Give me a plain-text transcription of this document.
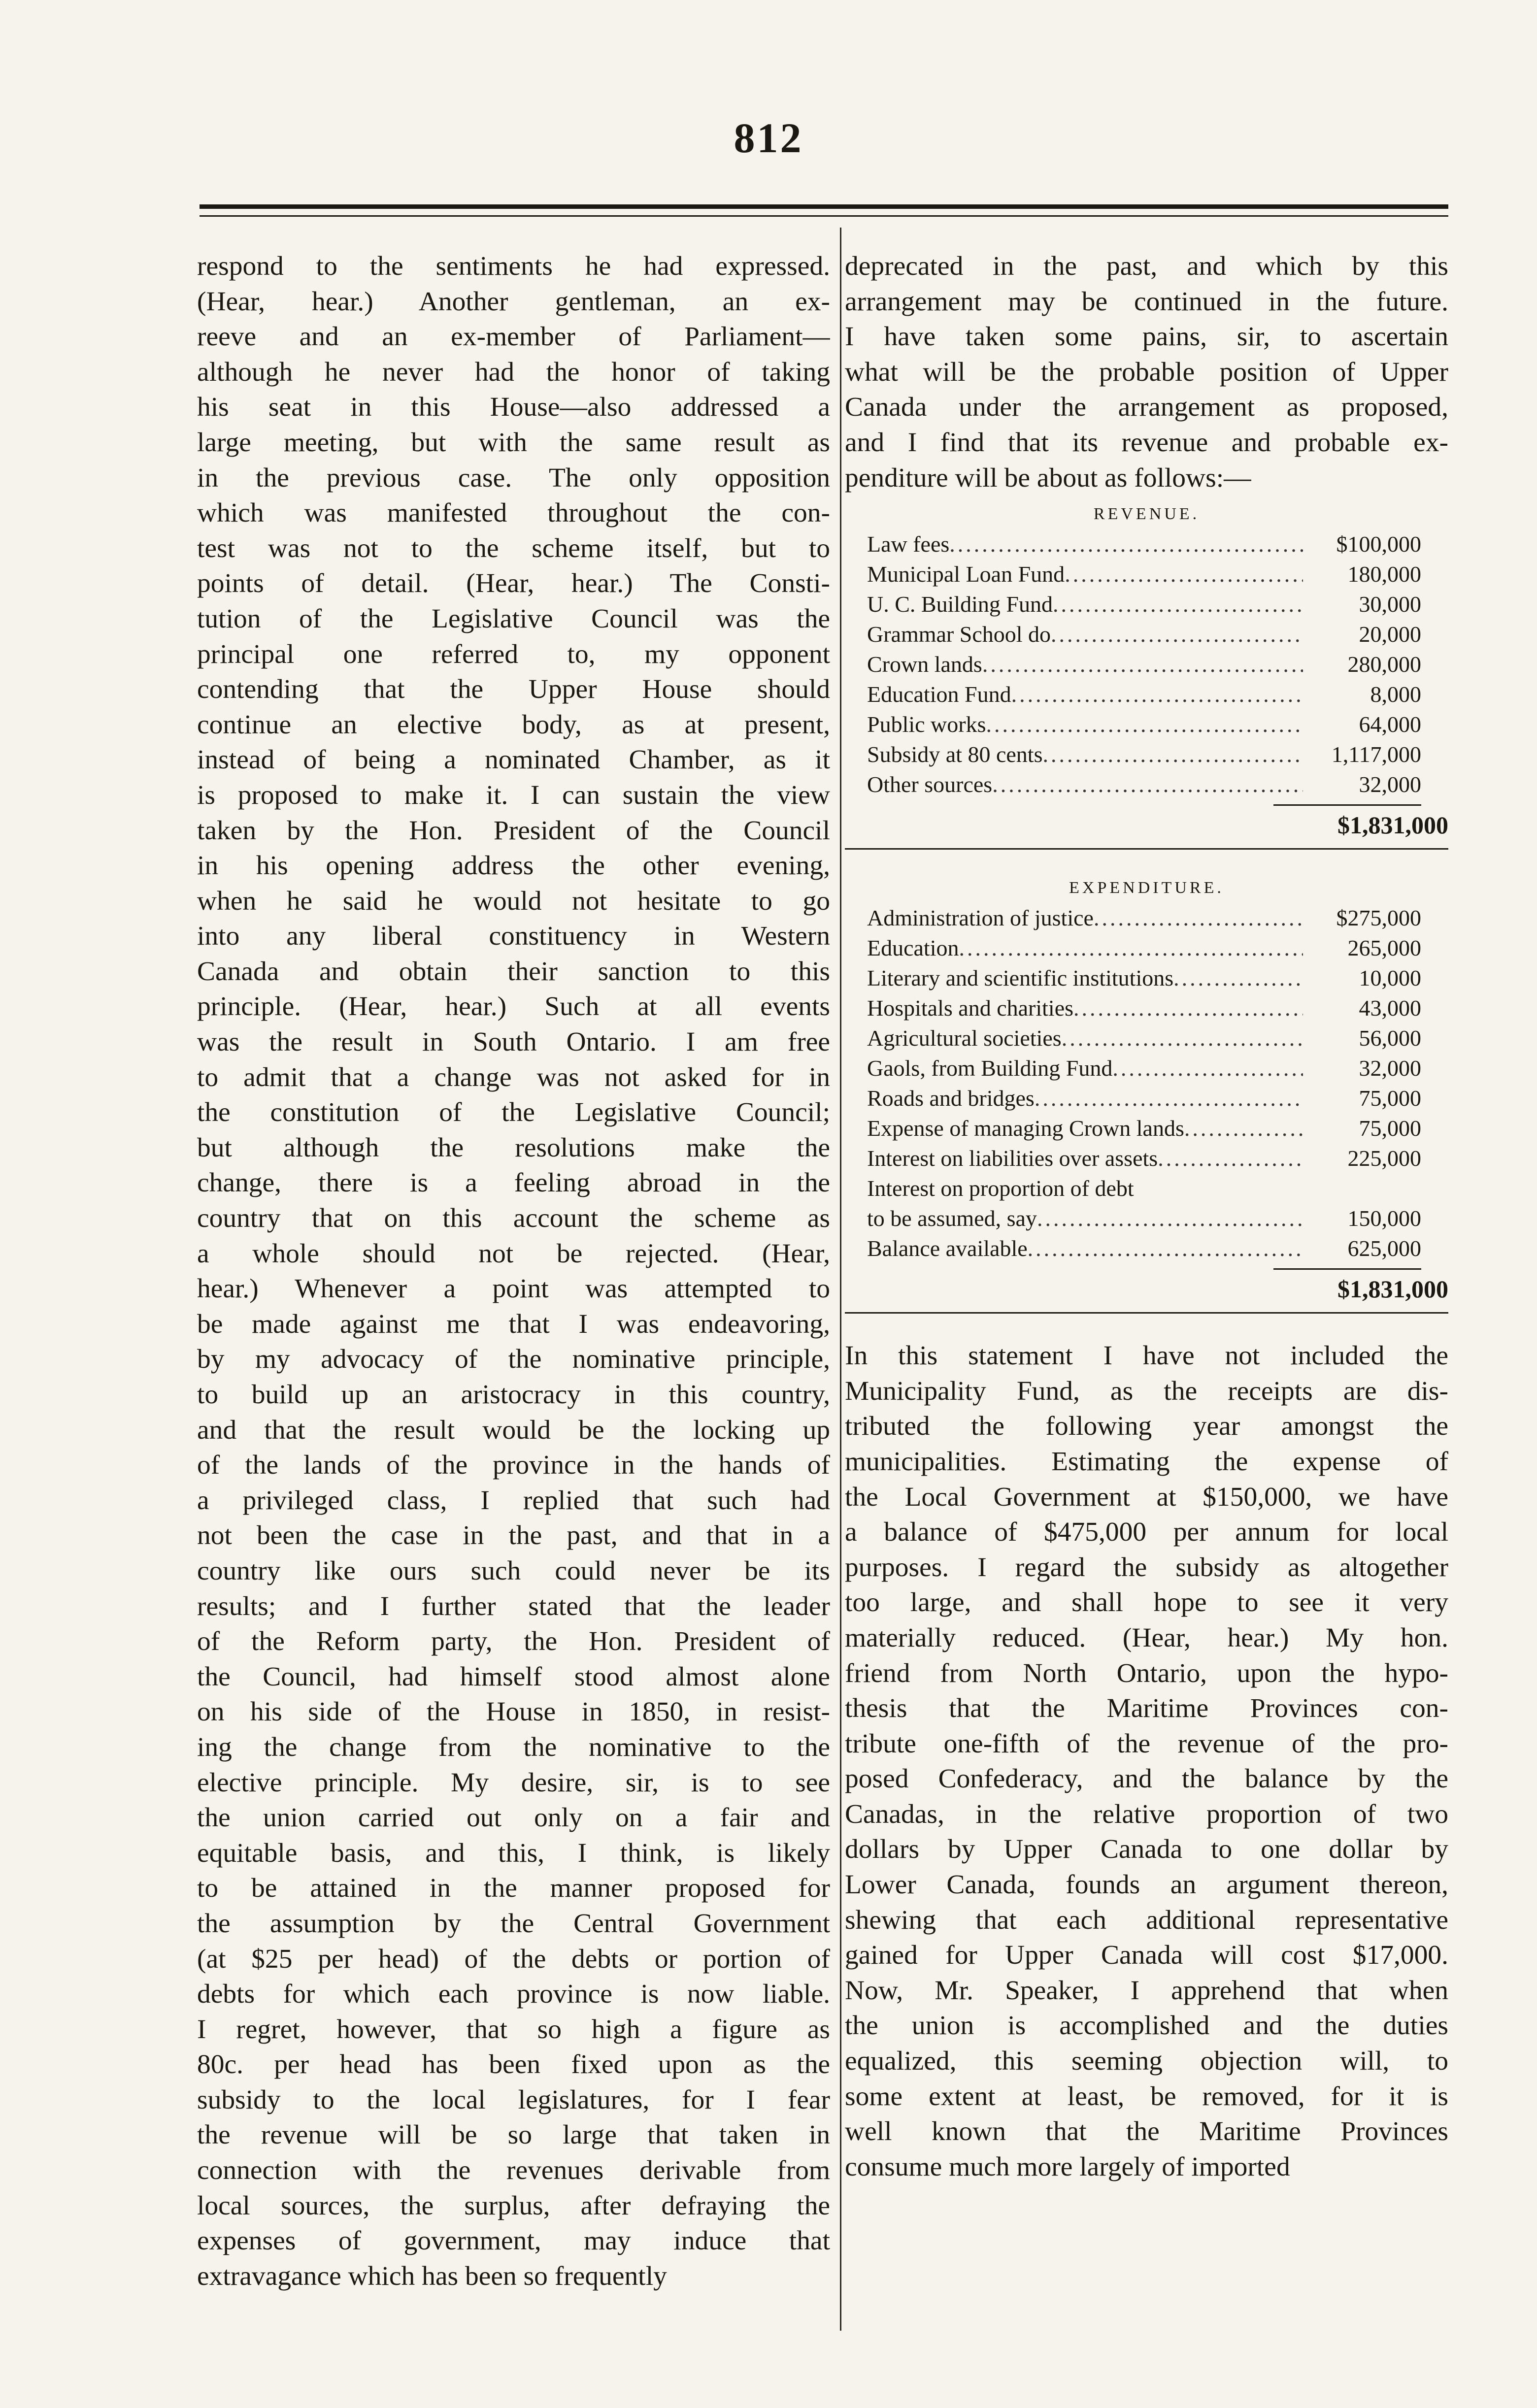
812
respond to the sentiments he had expressed.
(Hear, hear.) Another gentleman, an ex-
reeve and an ex-member of Parliament—
although he never had the honor of taking
his seat in this House—also addressed a
large meeting, but with the same result as
in the previous case. The only opposition
which was manifested throughout the con-
test was not to the scheme itself, but to
points of detail. (Hear, hear.) The Consti-
tution of the Legislative Council was the
principal one referred to, my opponent
contending that the Upper House should
continue an elective body, as at present,
instead of being a nominated Chamber, as it
is proposed to make it. I can sustain the view
taken by the Hon. President of the Council
in his opening address the other evening,
when he said he would not hesitate to go
into any liberal constituency in Western
Canada and obtain their sanction to this
principle. (Hear, hear.) Such at all events
was the result in South Ontario. I am free
to admit that a change was not asked for in
the constitution of the Legislative Council;
but although the resolutions make the
change, there is a feeling abroad in the
country that on this account the scheme as
a whole should not be rejected. (Hear,
hear.) Whenever a point was attempted to
be made against me that I was endeavoring,
by my advocacy of the nominative principle,
to build up an aristocracy in this country,
and that the result would be the locking up
of the lands of the province in the hands of
a privileged class, I replied that such had
not been the case in the past, and that in a
country like ours such could never be its
results; and I further stated that the leader
of the Reform party, the Hon. President of
the Council, had himself stood almost alone
on his side of the House in 1850, in resist-
ing the change from the nominative to the
elective principle. My desire, sir, is to see
the union carried out only on a fair and
equitable basis, and this, I think, is likely
to be attained in the manner proposed for
the assumption by the Central Government
(at $25 per head) of the debts or portion of
debts for which each province is now liable.
I regret, however, that so high a figure as
80c. per head has been fixed upon as the
subsidy to the local legislatures, for I fear
the revenue will be so large that taken in
connection with the revenues derivable from
local sources, the surplus, after defraying the
expenses of government, may induce that
extravagance which has been so frequently
deprecated in the past, and which by this
arrangement may be continued in the future.
I have taken some pains, sir, to ascertain
what will be the probable position of Upper
Canada under the arrangement as proposed,
and I find that its revenue and probable ex-
penditure will be about as follows:—
REVENUE.
Law fees .....	$100,000
Municipal Loan Fund .....	180,000
U. C. Building Fund .....	30,000
Grammar School do .....	20,000
Crown lands .....	280,000
Education Fund .....	8,000
Public works .....	64,000
Subsidy at 80 cents .....	1,117,000
Other sources .....	32,000
$1,831,000
EXPENDITURE.
Administration of justice .....	$275,000
Education .....	265,000
Literary and scientific institutions .....	10,000
Hospitals and charities .....	43,000
Agricultural societies .....	56,000
Gaols, from Building Fund .....	32,000
Roads and bridges .....	75,000
Expense of managing Crown lands .....	75,000
Interest on liabilities over assets .....	225,000
Interest on proportion of debt
to be assumed, say .....	150,000
Balance available .....	625,000
$1,831,000
In this statement I have not included the
Municipality Fund, as the receipts are dis-
tributed the following year amongst the
municipalities. Estimating the expense of
the Local Government at $150,000, we have
a balance of $475,000 per annum for local
purposes. I regard the subsidy as altogether
too large, and shall hope to see it very
materially reduced. (Hear, hear.) My hon.
friend from North Ontario, upon the hypo-
thesis that the Maritime Provinces con-
tribute one-fifth of the revenue of the pro-
posed Confederacy, and the balance by the
Canadas, in the relative proportion of two
dollars by Upper Canada to one dollar by
Lower Canada, founds an argument thereon,
shewing that each additional representative
gained for Upper Canada will cost $17,000.
Now, Mr. Speaker, I apprehend that when
the union is accomplished and the duties
equalized, this seeming objection will, to
some extent at least, be removed, for it is
well known that the Maritime Provinces
consume much more largely of imported
